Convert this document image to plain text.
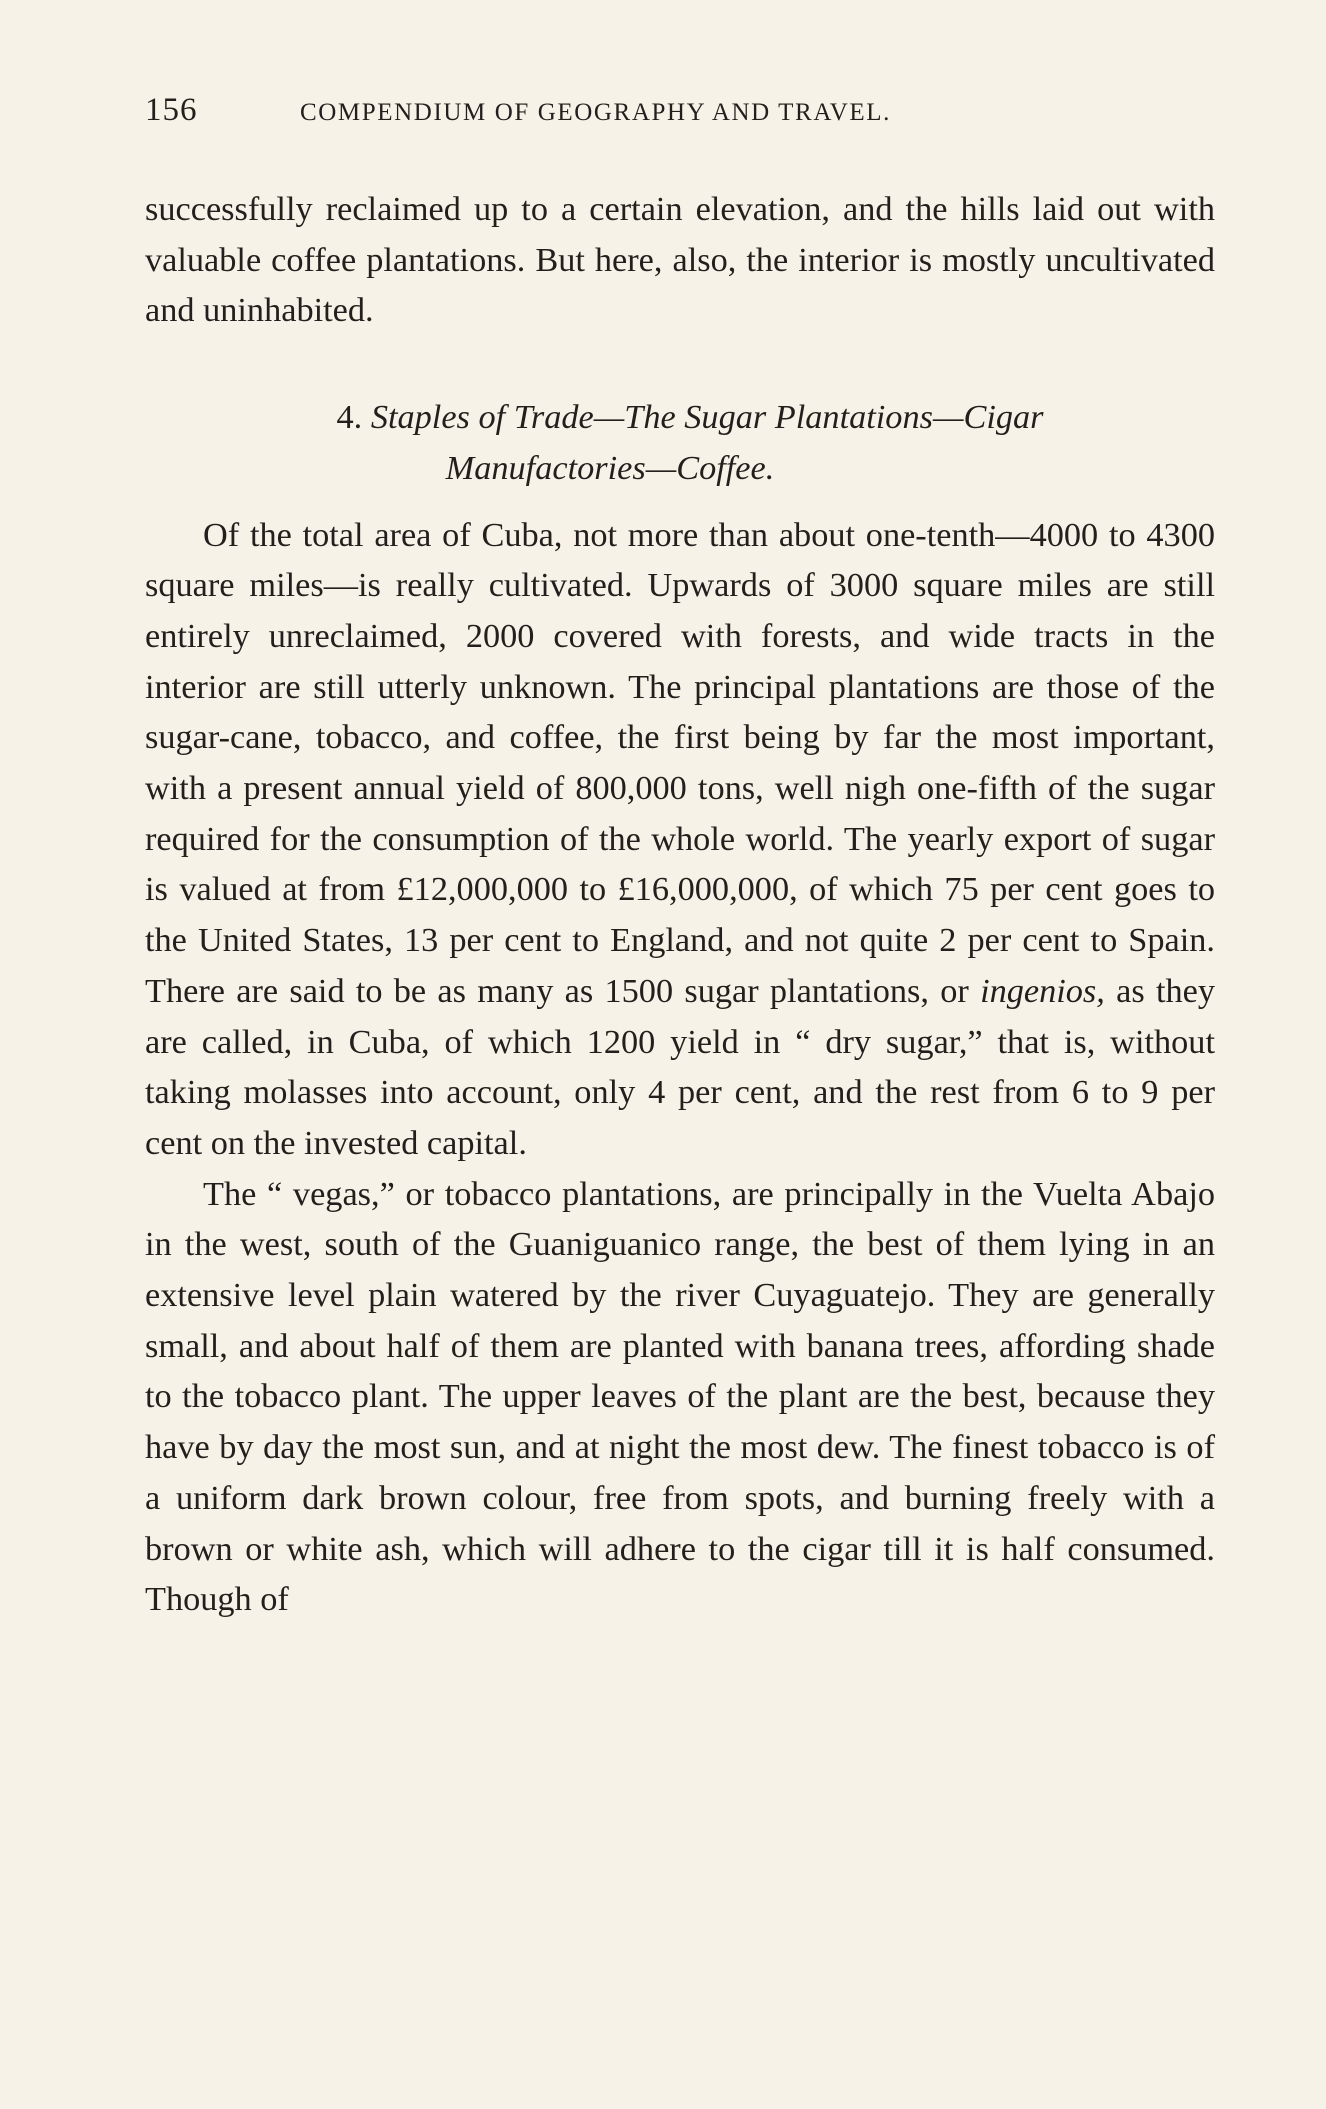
156	COMPENDIUM OF GEOGRAPHY AND TRAVEL.

successfully reclaimed up to a certain elevation, and the hills laid out with valuable coffee plantations. But here, also, the interior is mostly uncultivated and uninhabited.

4. Staples of Trade—The Sugar Plantations—Cigar
Manufactories—Coffee.

Of the total area of Cuba, not more than about one-tenth—4000 to 4300 square miles—is really cultivated. Upwards of 3000 square miles are still entirely unreclaimed, 2000 covered with forests, and wide tracts in the interior are still utterly unknown. The principal plantations are those of the sugar-cane, tobacco, and coffee, the first being by far the most important, with a present annual yield of 800,000 tons, well nigh one-fifth of the sugar required for the consumption of the whole world. The yearly export of sugar is valued at from £12,000,000 to £16,000,000, of which 75 per cent goes to the United States, 13 per cent to England, and not quite 2 per cent to Spain. There are said to be as many as 1500 sugar plantations, or ingenios, as they are called, in Cuba, of which 1200 yield in “ dry sugar,” that is, without taking molasses into account, only 4 per cent, and the rest from 6 to 9 per cent on the invested capital.

The “ vegas,” or tobacco plantations, are principally in the Vuelta Abajo in the west, south of the Guaniguanico range, the best of them lying in an extensive level plain watered by the river Cuyaguatejo. They are generally small, and about half of them are planted with banana trees, affording shade to the tobacco plant. The upper leaves of the plant are the best, because they have by day the most sun, and at night the most dew. The finest tobacco is of a uniform dark brown colour, free from spots, and burning freely with a brown or white ash, which will adhere to the cigar till it is half consumed. Though of
